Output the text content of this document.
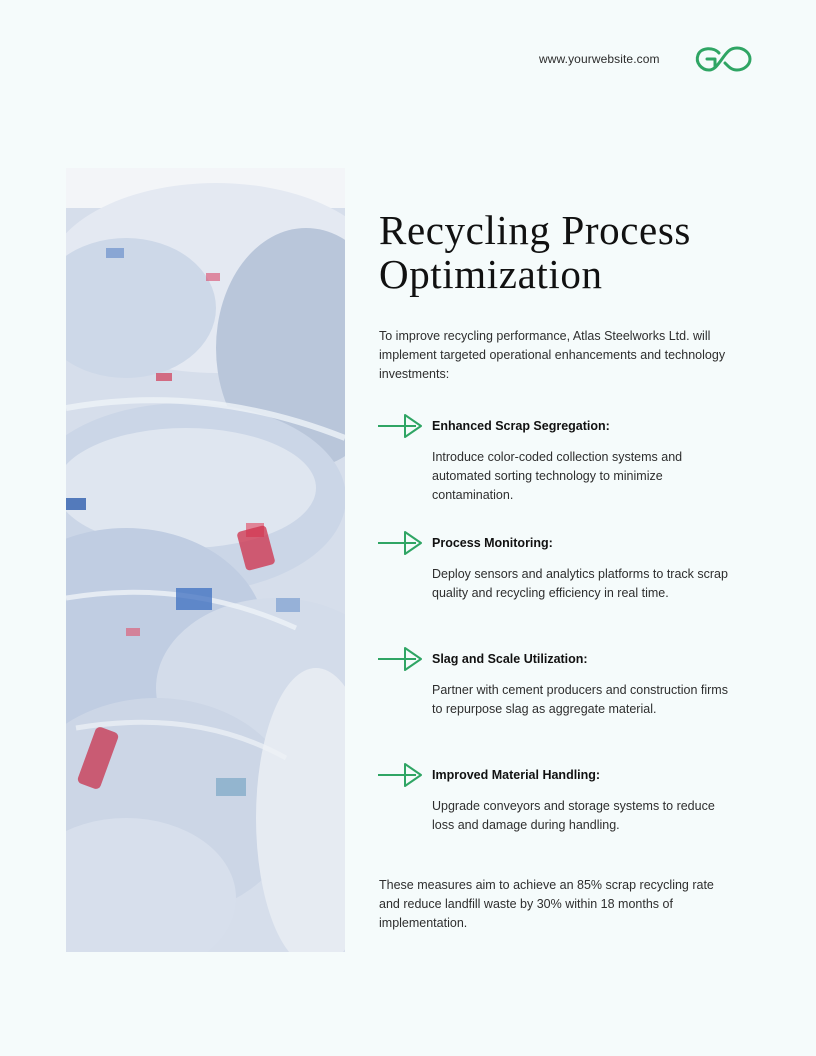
www.yourwebsite.com
Recycling Process
Optimization

To improve recycling performance, Atlas Steelworks Ltd. will implement targeted operational enhancements and technology investments:

Enhanced Scrap Segregation:

Introduce color-coded collection systems and automated sorting technology to minimize contamination.

Process Monitoring:

Deploy sensors and analytics platforms to track scrap quality and recycling efficiency in real time.

Slag and Scale Utilization:

Partner with cement producers and construction firms to repurpose slag as aggregate material.

Improved Material Handling:

Upgrade conveyors and storage systems to reduce loss and damage during handling.

These measures aim to achieve an 85% scrap recycling rate and reduce landfill waste by 30% within 18 months of implementation.
